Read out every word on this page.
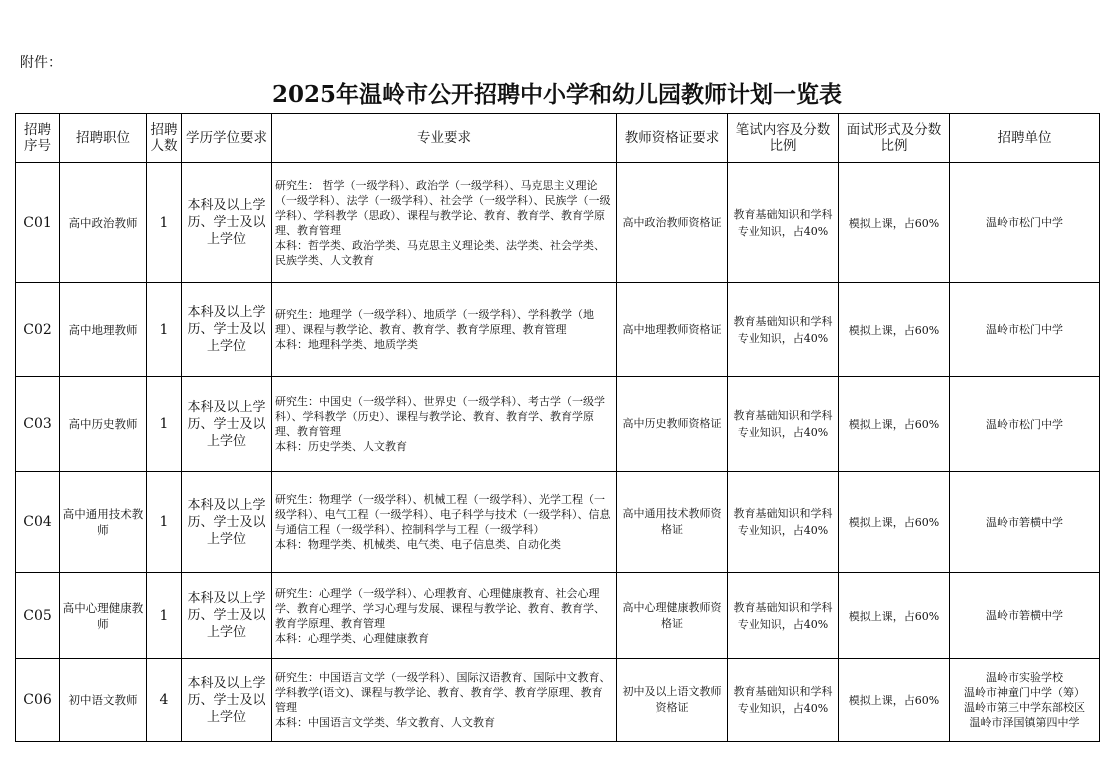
附件：
2025年温岭市公开招聘中小学和幼儿园教师计划一览表
招聘序号	招聘职位	招聘人数	学历学位要求	专业要求	教师资格证要求	笔试内容及分数比例	面试形式及分数比例	招聘单位
C01	高中政治教师	1	本科及以上学历、学士及以上学位	研究生： 哲学（一级学科）、政治学（一级学科）、马克思主义理论（一级学科）、法学（一级学科）、社会学（一级学科）、民族学（一级学科）、学科教学（思政）、课程与教学论、教育、教育学、教育学原理、教育管理
本科：哲学类、政治学类、马克思主义理论类、法学类、社会学类、民族学类、人文教育	高中政治教师资格证	教育基础知识和学科专业知识，占40%	模拟上课，占60%	温岭市松门中学

C02	高中地理教师	1	本科及以上学历、学士及以上学位	研究生：地理学（一级学科）、地质学（一级学科）、学科教学（地理）、课程与教学论、教育、教育学、教育学原理、教育管理
本科：地理科学类、地质学类	高中地理教师资格证	教育基础知识和学科专业知识，占40%	模拟上课，占60%	温岭市松门中学

C03	高中历史教师	1	本科及以上学历、学士及以上学位	研究生：中国史（一级学科）、世界史（一级学科）、考古学（一级学科）、学科教学（历史）、课程与教学论、教育、教育学、教育学原理、教育管理
本科：历史学类、人文教育	高中历史教师资格证	教育基础知识和学科专业知识，占40%	模拟上课，占60%	温岭市松门中学

C04	高中通用技术教师	1	本科及以上学历、学士及以上学位	研究生：物理学（一级学科）、机械工程（一级学科）、光学工程（一级学科）、电气工程（一级学科）、电子科学与技术（一级学科）、信息与通信工程（一级学科）、控制科学与工程（一级学科）
本科：物理学类、机械类、电气类、电子信息类、自动化类	高中通用技术教师资格证	教育基础知识和学科专业知识，占40%	模拟上课，占60%	温岭市箬横中学

C05	高中心理健康教师	1	本科及以上学历、学士及以上学位	研究生：心理学（一级学科）、心理教育、心理健康教育、社会心理学、教育心理学、学习心理与发展、课程与教学论、教育、教育学、教育学原理、教育管理
本科：心理学类、心理健康教育	高中心理健康教师资格证	教育基础知识和学科专业知识，占40%	模拟上课，占60%	温岭市箬横中学

C06	初中语文教师	4	本科及以上学历、学士及以上学位	研究生：中国语言文学（一级学科）、国际汉语教育、国际中文教育、学科教学(语文)、课程与教学论、教育、教育学、教育学原理、教育管理
本科：中国语言文学类、华文教育、人文教育	初中及以上语文教师资格证	教育基础知识和学科专业知识，占40%	模拟上课，占60%	温岭市实验学校
温岭市神童门中学（筹）
温岭市第三中学东部校区
温岭市泽国镇第四中学
